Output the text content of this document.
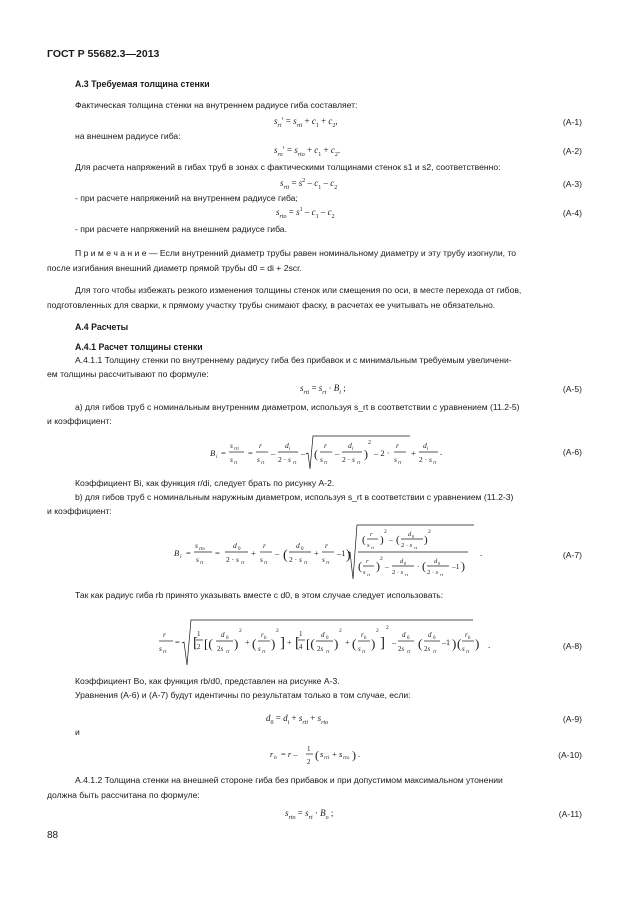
ГОСТ Р 55682.3—2013
А.3 Требуемая толщина стенки
Фактическая толщина стенки на внутреннем радиусе гиба составляет:
$s_{ri}' = s_{rti} + c_1 + c_2$,	(А-1)
на внешнем радиусе гиба:
$s_{ro}' = s_{rto} + c_1 + c_2$.	(А-2)
Для расчета напряжений в гибах труб в зонах с фактическими толщинами стенок s1 и s2, соответственно:
$s_{rti} = s^2 - c_1 - c_2$	(А-3)
- при расчете напряжений на внутреннем радиусе гиба;
$s_{rto} = s^1 - c_1 - c_2$	(А-4)
- при расчете напряжений на внешнем радиусе гиба.
П р и м е ч а н и е — Если внутренний диаметр трубы равен номинальному диаметру и эту трубу изогнули, то
после изгибания внешний диаметр прямой трубы d0 = di + 2scr.
Для того чтобы избежать резкого изменения толщины стенок или смещения по оси, в месте перехода от гибов,
подготовленных для сварки, к прямому участку трубы снимают фаску, в расчетах ее учитывать не обязательно.
А.4 Расчеты
А.4.1 Расчет толщины стенки
А.4.1.1 Толщину стенки по внутреннему радиусу гиба без прибавок и с минимальным требуемым увеличени-
ем толщины рассчитывают по формуле:
$s_{rti} = s_{rt} \cdot B_i$ ;	(А-5)
а) для гибов труб с номинальным внутренним диаметром, используя s_rt в соответствии с уравнением (11.2-5)
и коэффициент:
B i =
s rti
s rt
=
r
s rt
–
d i
2 · s rt
– (
r
s rt
–
d i
2 · s rt
)
2
– 2 ·
r
s rt
+
d i
2 · s rt
.	(А-6)
Коэффициент Bi, как функция r/di, следует брать по рисунку А-2.
b) для гибов труб с номинальным наружным диаметром, используя s_rt в соответствии с уравнением (11.2-3)
и коэффициент:
B i =
s rto
s rt
=
d 0
2 · s rt
+
r
s rt
– (
d 0
2 · s rt
+
r
s rt
–1 )
( r
s rt
)
2
– ( d 0
2 · s rt
)
2
( r
s rt
) 2
–
d 0
2 · s rt
· ( d 0
2 · s rt
–1 )
.	(А-7)
Так как радиус гиба rb принято указывать вместе с d0, в этом случае следует использовать:
r
s rt
= [
1
2 [(
d 0
2s rt
)
2
+ (
r b
s rt
)
2
] + [
1
4 [(
d 0
2s rt
)
2
+ (
r b
s rt
)
2
]
2
–
d 0
2s rt
(
d 0
2s rt
–1 ) (
r b
s rt
) .	(А-8)
Коэффициент Bo, как функция rb/d0, представлен на рисунке А-3.
Уравнения (А-6) и (А-7) будут идентичны по результатам только в том случае, если:
$d_0 = d_i + s_{rti} + s_{rto}$	(А-9)
и
r b = r – 1
2 ( s rti + s rto ) .	(А-10)
А.4.1.2 Толщина стенки на внешней стороне гиба без прибавок и при допустимом максимальном утонении
должна быть рассчитана по формуле:
$s_{rto} = s_{rt} \cdot B_o$ ;	(А-11)
88
